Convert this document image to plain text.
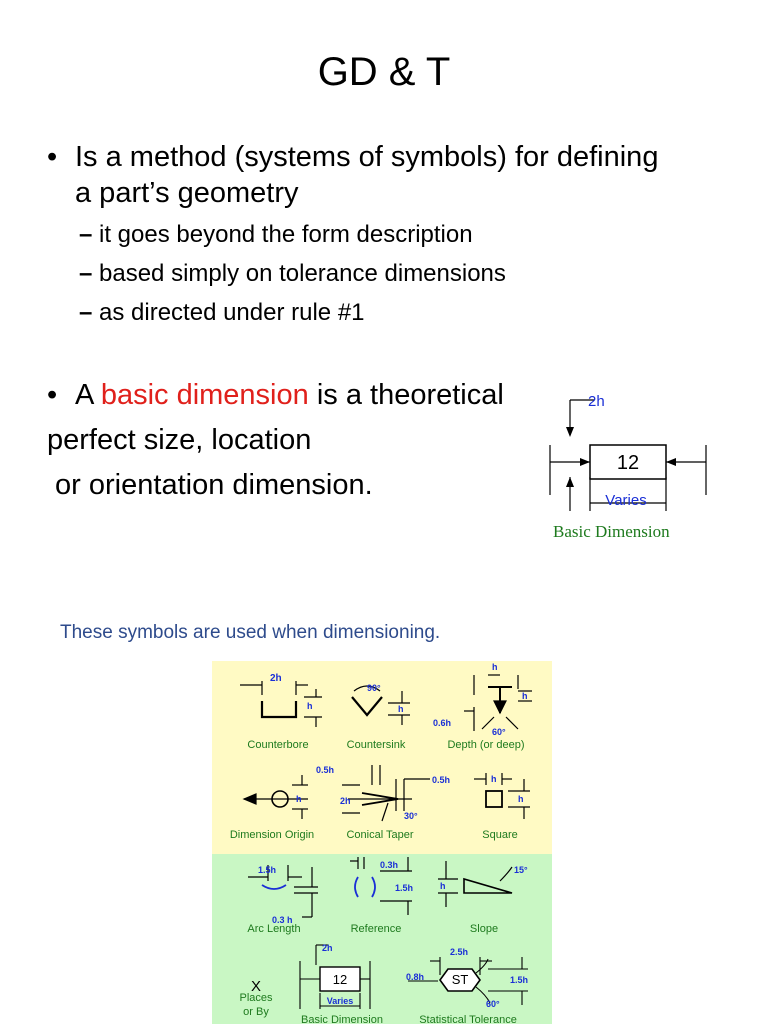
GD & T
• Is a method (systems of symbols) for defining
a part’s geometry
– it goes beyond the form description
– based simply on tolerance dimensions
– as directed under rule #1
• A basic dimension is a theoretical
perfect size, location
or orientation dimension.
12
2h
Varies
Basic Dimension
These symbols are used when dimensioning.
2h
h
Counterbore
90°
h
Countersink
h
h
0.6h
60°
Depth (or deep)
h
Dimension Origin
0.5h
0.5h
2h
30°
Conical Taper
h
h
Square
1.5h
0.3 h
Arc Length
0.3h
1.5h
Reference
h
15°
Slope
X
Places
or By
12
2h
Varies
Basic Dimension
ST
2.5h
0.8h	1.5h
60°
Statistical Tolerance
